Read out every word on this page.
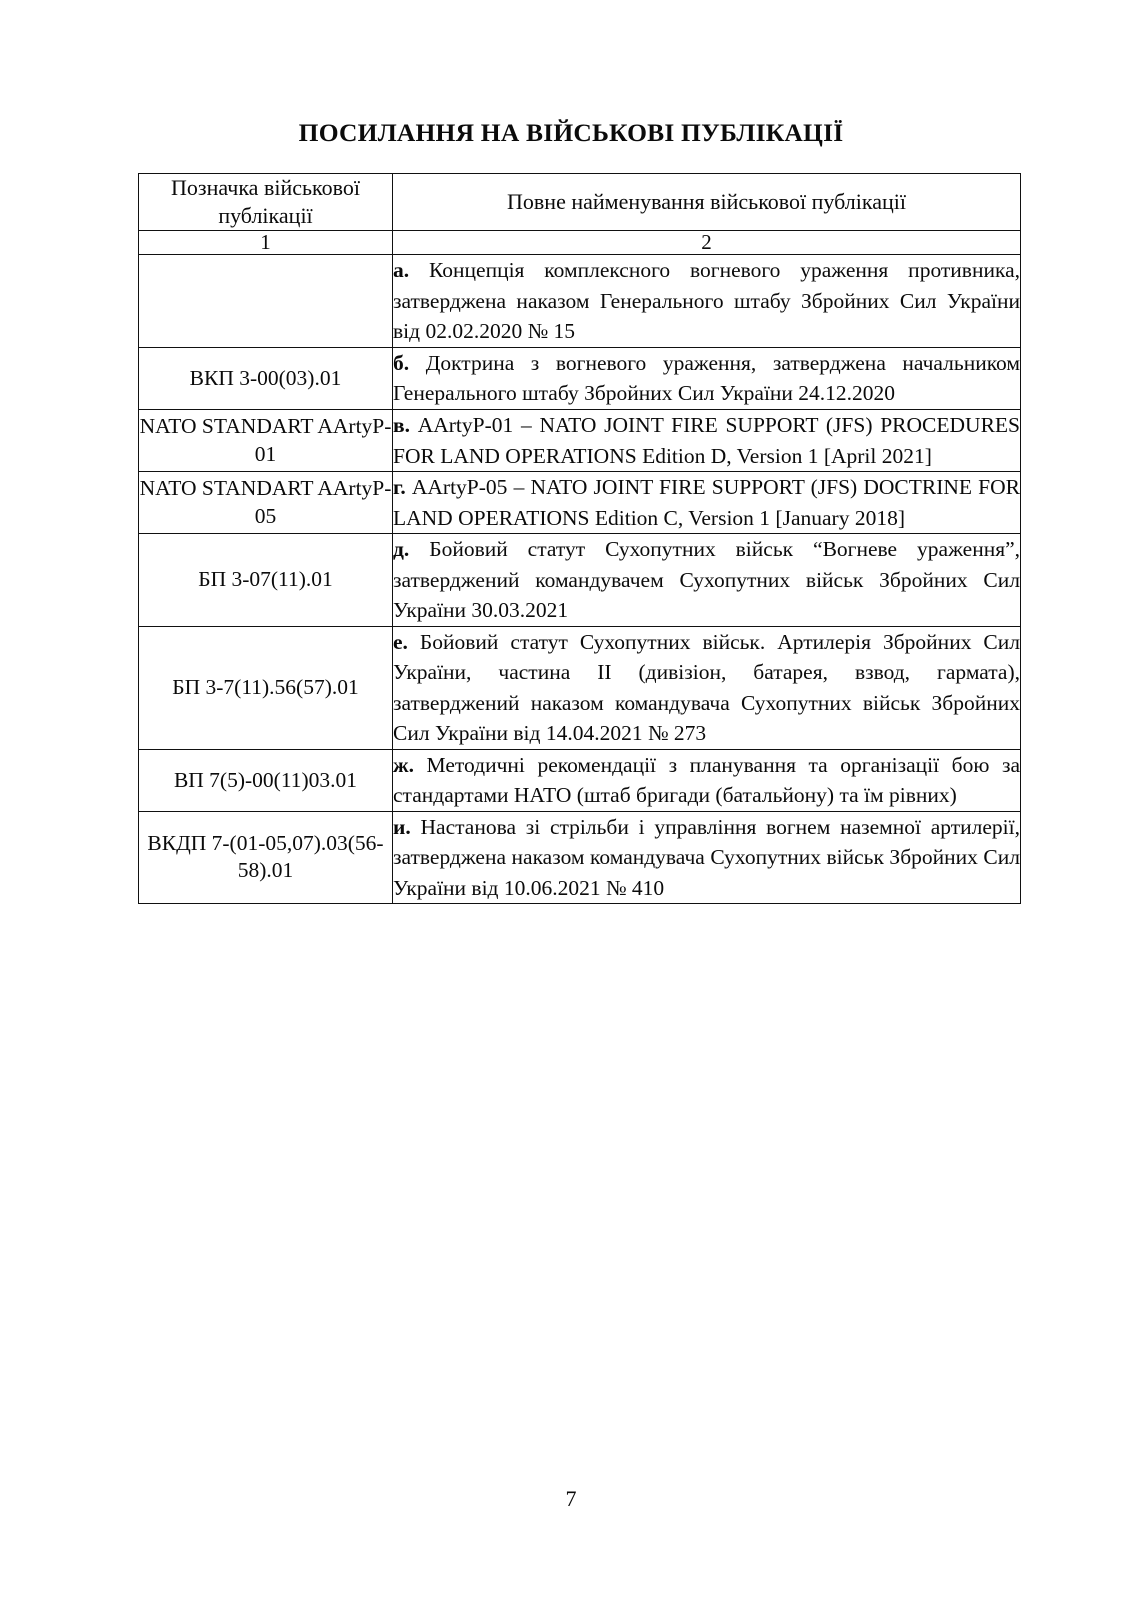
ПОСИЛАННЯ НА ВІЙСЬКОВІ ПУБЛІКАЦІЇ
Позначка військової публікації	Повне найменування військової публікації
1	2

	а. Концепція комплексного вогневого ураження противника, затверджена наказом Генерального штабу Збройних Сил України від 02.02.2020 № 15

ВКП 3-00(03).01	б. Доктрина з вогневого ураження, затверджена начальником Генерального штабу Збройних Сил України 24.12.2020

NATO STANDART AArtyP-01	в. AArtyP-01 – NATO JOINT FIRE SUPPORT (JFS) PROCEDURES FOR LAND OPERATIONS Edition D, Version 1 [April 2021]

NATO STANDART AArtyP-05	г. AArtyP-05 – NATO JOINT FIRE SUPPORT (JFS) DOCTRINE FOR LAND OPERATIONS Edition C, Version 1 [January 2018]

БП 3-07(11).01	д. Бойовий статут Сухопутних військ “Вогневе ураження”, затверджений командувачем Сухопутних військ Збройних Сил України 30.03.2021

БП 3-7(11).56(57).01	е. Бойовий статут Сухопутних військ. Артилерія Збройних Сил України, частина II (дивізіон, батарея, взвод, гармата), затверджений наказом командувача Сухопутних військ Збройних Сил України від 14.04.2021 № 273

ВП 7(5)-00(11)03.01	ж. Методичні рекомендації з планування та організації бою за стандартами НАТО (штаб бригади (батальйону) та їм рівних)

ВКДП 7-(01-05,07).03(56-58).01	и. Настанова зі стрільби і управління вогнем наземної артилерії, затверджена наказом командувача Сухопутних військ Збройних Сил України від 10.06.2021 № 410

7
